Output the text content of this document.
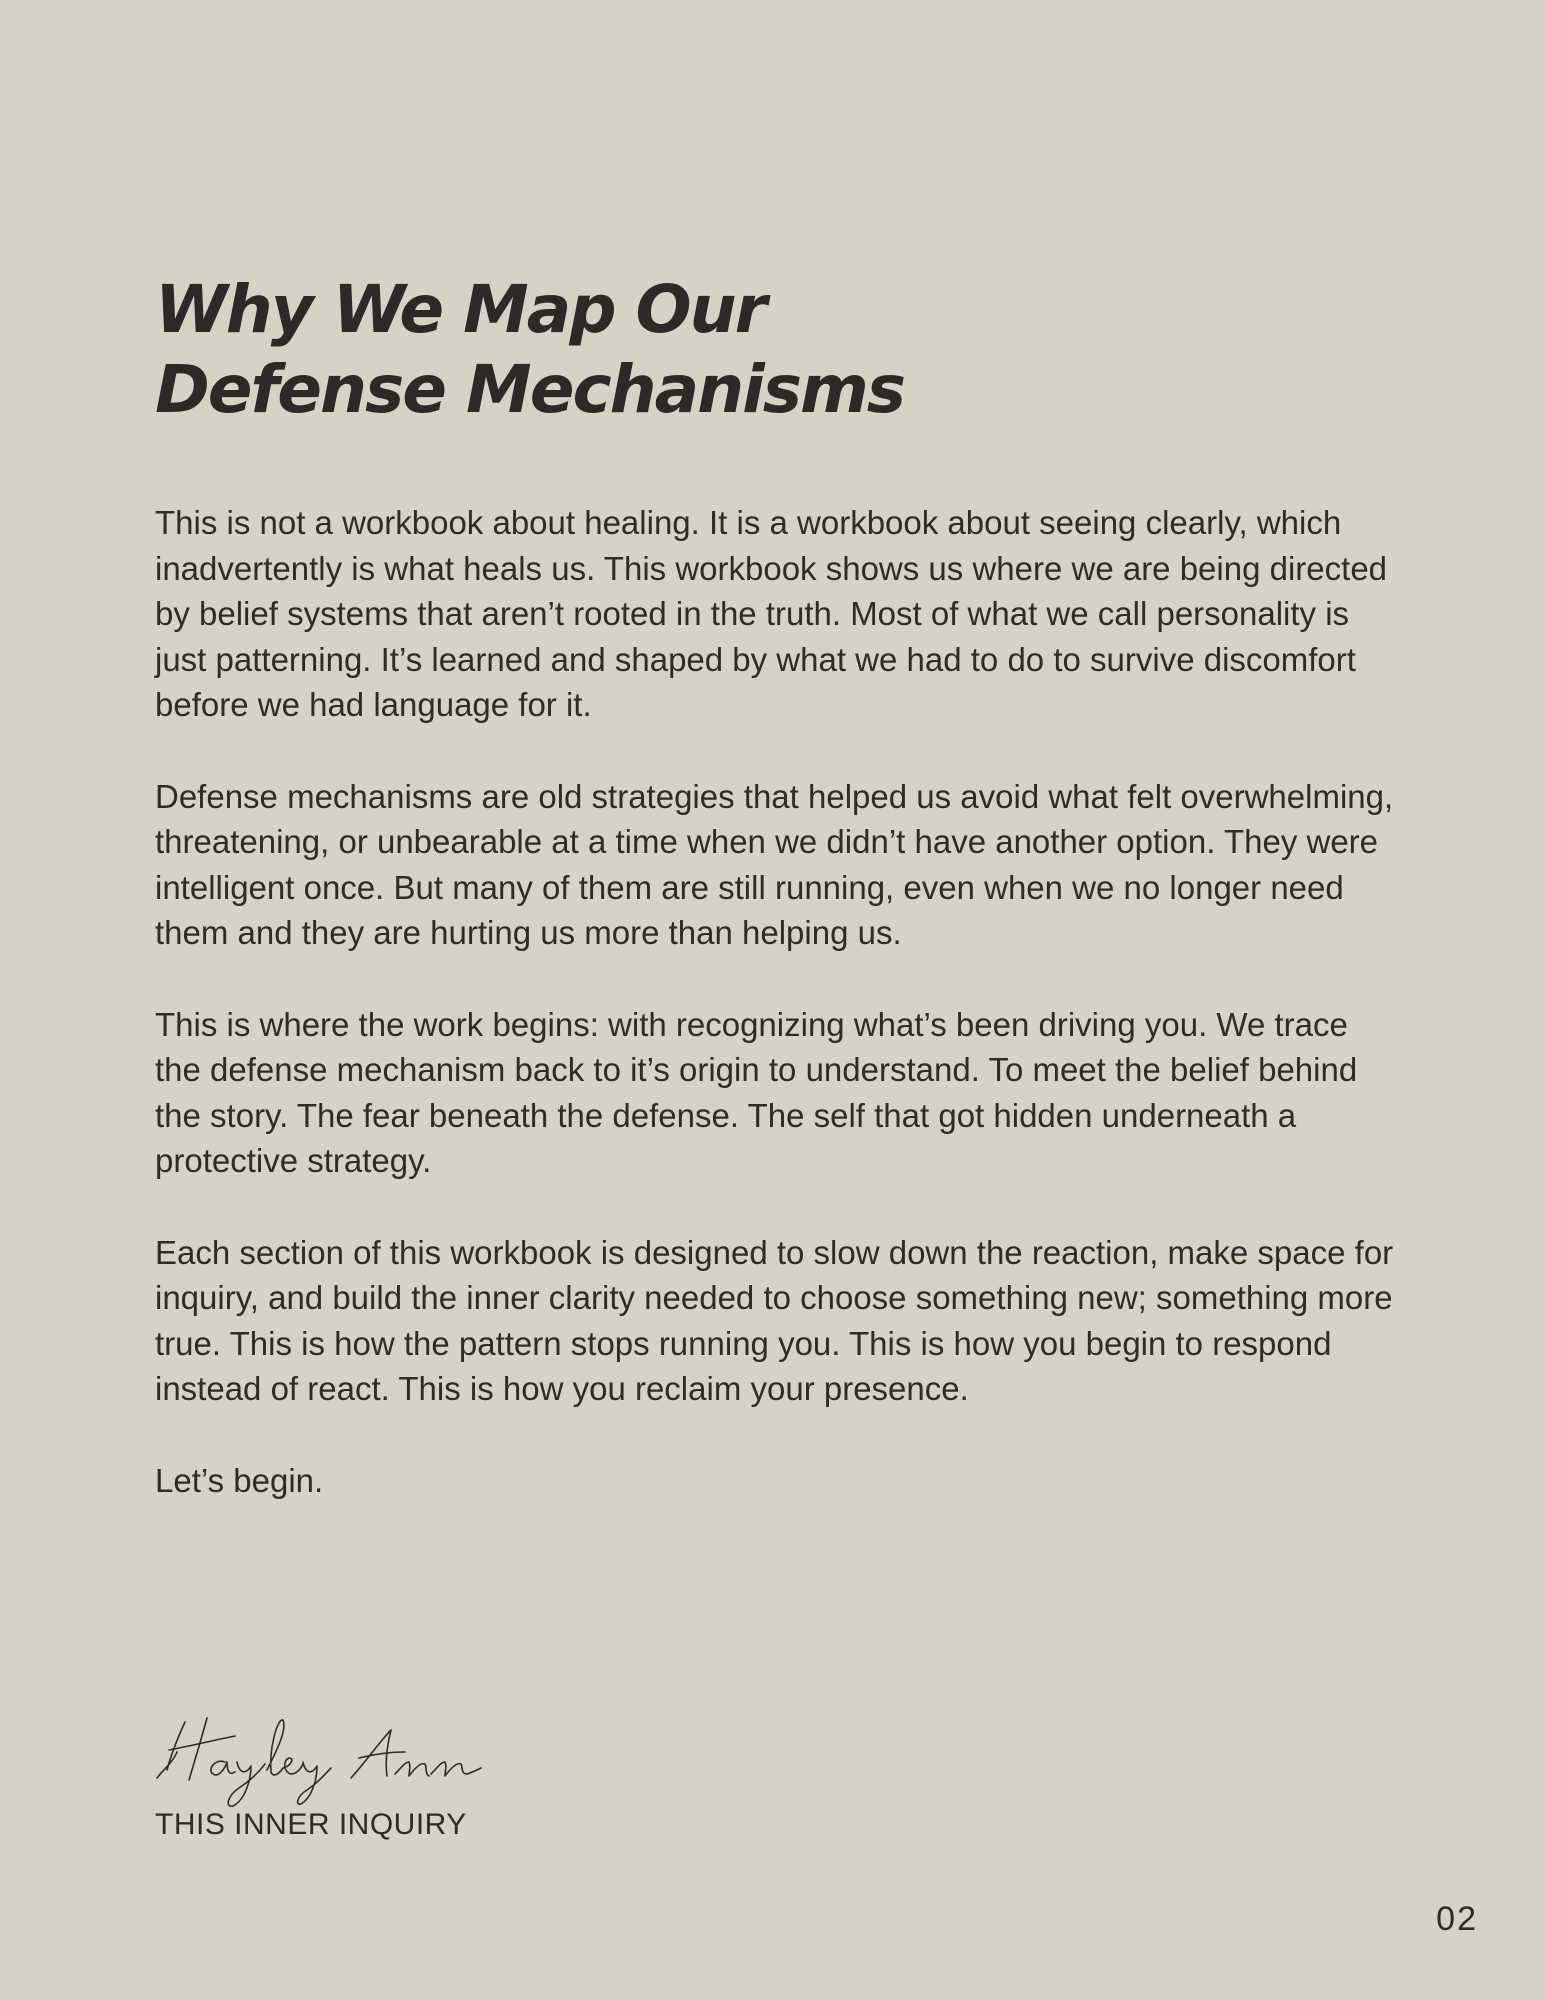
Why We Map Our
Defense Mechanisms

This is not a workbook about healing. It is a workbook about seeing clearly, which inadvertently is what heals us. This workbook shows us where we are being directed by belief systems that aren’t rooted in the truth. Most of what we call personality is just patterning. It’s learned and shaped by what we had to do to survive discomfort before we had language for it.

Defense mechanisms are old strategies that helped us avoid what felt overwhelming, threatening, or unbearable at a time when we didn’t have another option. They were intelligent once. But many of them are still running, even when we no longer need them and they are hurting us more than helping us.

This is where the work begins: with recognizing what’s been driving you. We trace the defense mechanism back to it’s origin to understand. To meet the belief behind the story. The fear beneath the defense. The self that got hidden underneath a protective strategy.

Each section of this workbook is designed to slow down the reaction, make space for inquiry, and build the inner clarity needed to choose something new; something more true. This is how the pattern stops running you. This is how you begin to respond instead of react. This is how you reclaim your presence.

Let’s begin.

THIS INNER INQUIRY
02
